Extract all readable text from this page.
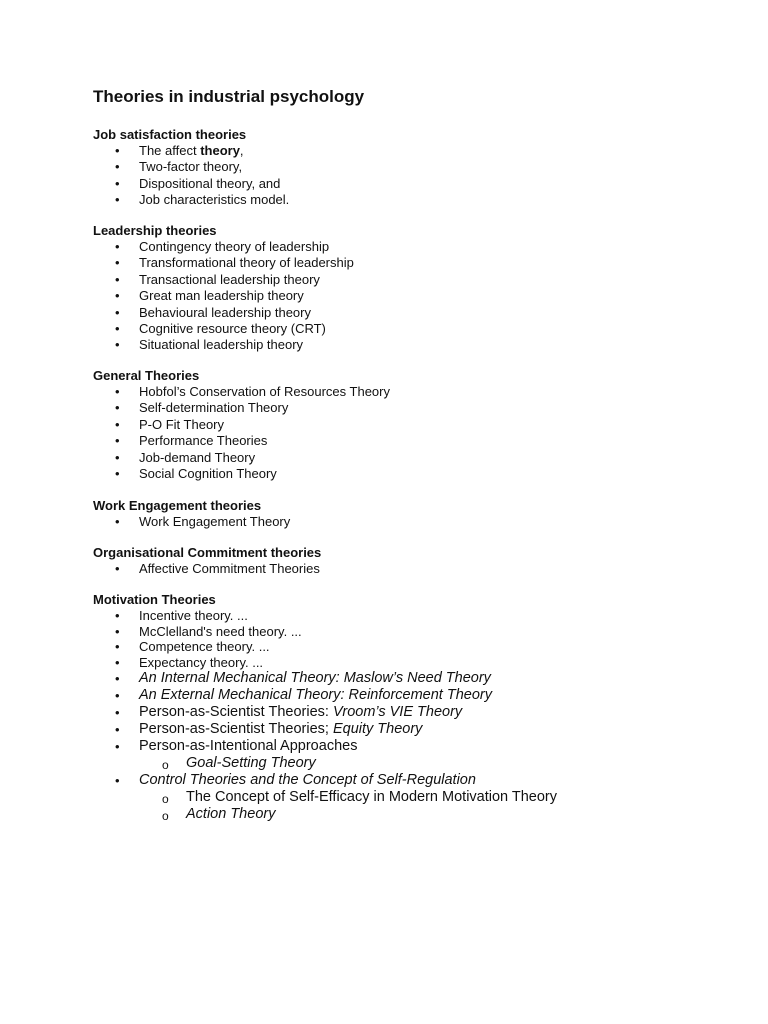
Theories in industrial psychology

Job satisfaction theories

• The affect theory,
• Two-factor theory,
• Dispositional theory, and
• Job characteristics model.

Leadership theories

• Contingency theory of leadership
• Transformational theory of leadership
• Transactional leadership theory
• Great man leadership theory
• Behavioural leadership theory
• Cognitive resource theory (CRT)
• Situational leadership theory

General Theories

• Hobfol’s Conservation of Resources Theory
• Self-determination Theory
• P-O Fit Theory
• Performance Theories
• Job-demand Theory
• Social Cognition Theory

Work Engagement theories

• Work Engagement Theory

Organisational Commitment theories

• Affective Commitment Theories

Motivation Theories

• Incentive theory. ...
• McClelland's need theory. ...
• Competence theory. ...
• Expectancy theory. ...
• An Internal Mechanical Theory: Maslow’s Need Theory
• An External Mechanical Theory: Reinforcement Theory
• Person-as-Scientist Theories: Vroom’s VIE Theory
• Person-as-Scientist Theories; Equity Theory
• Person-as-Intentional Approaches
o Goal-Setting Theory
• Control Theories and the Concept of Self-Regulation
o The Concept of Self-Efficacy in Modern Motivation Theory
o Action Theory
